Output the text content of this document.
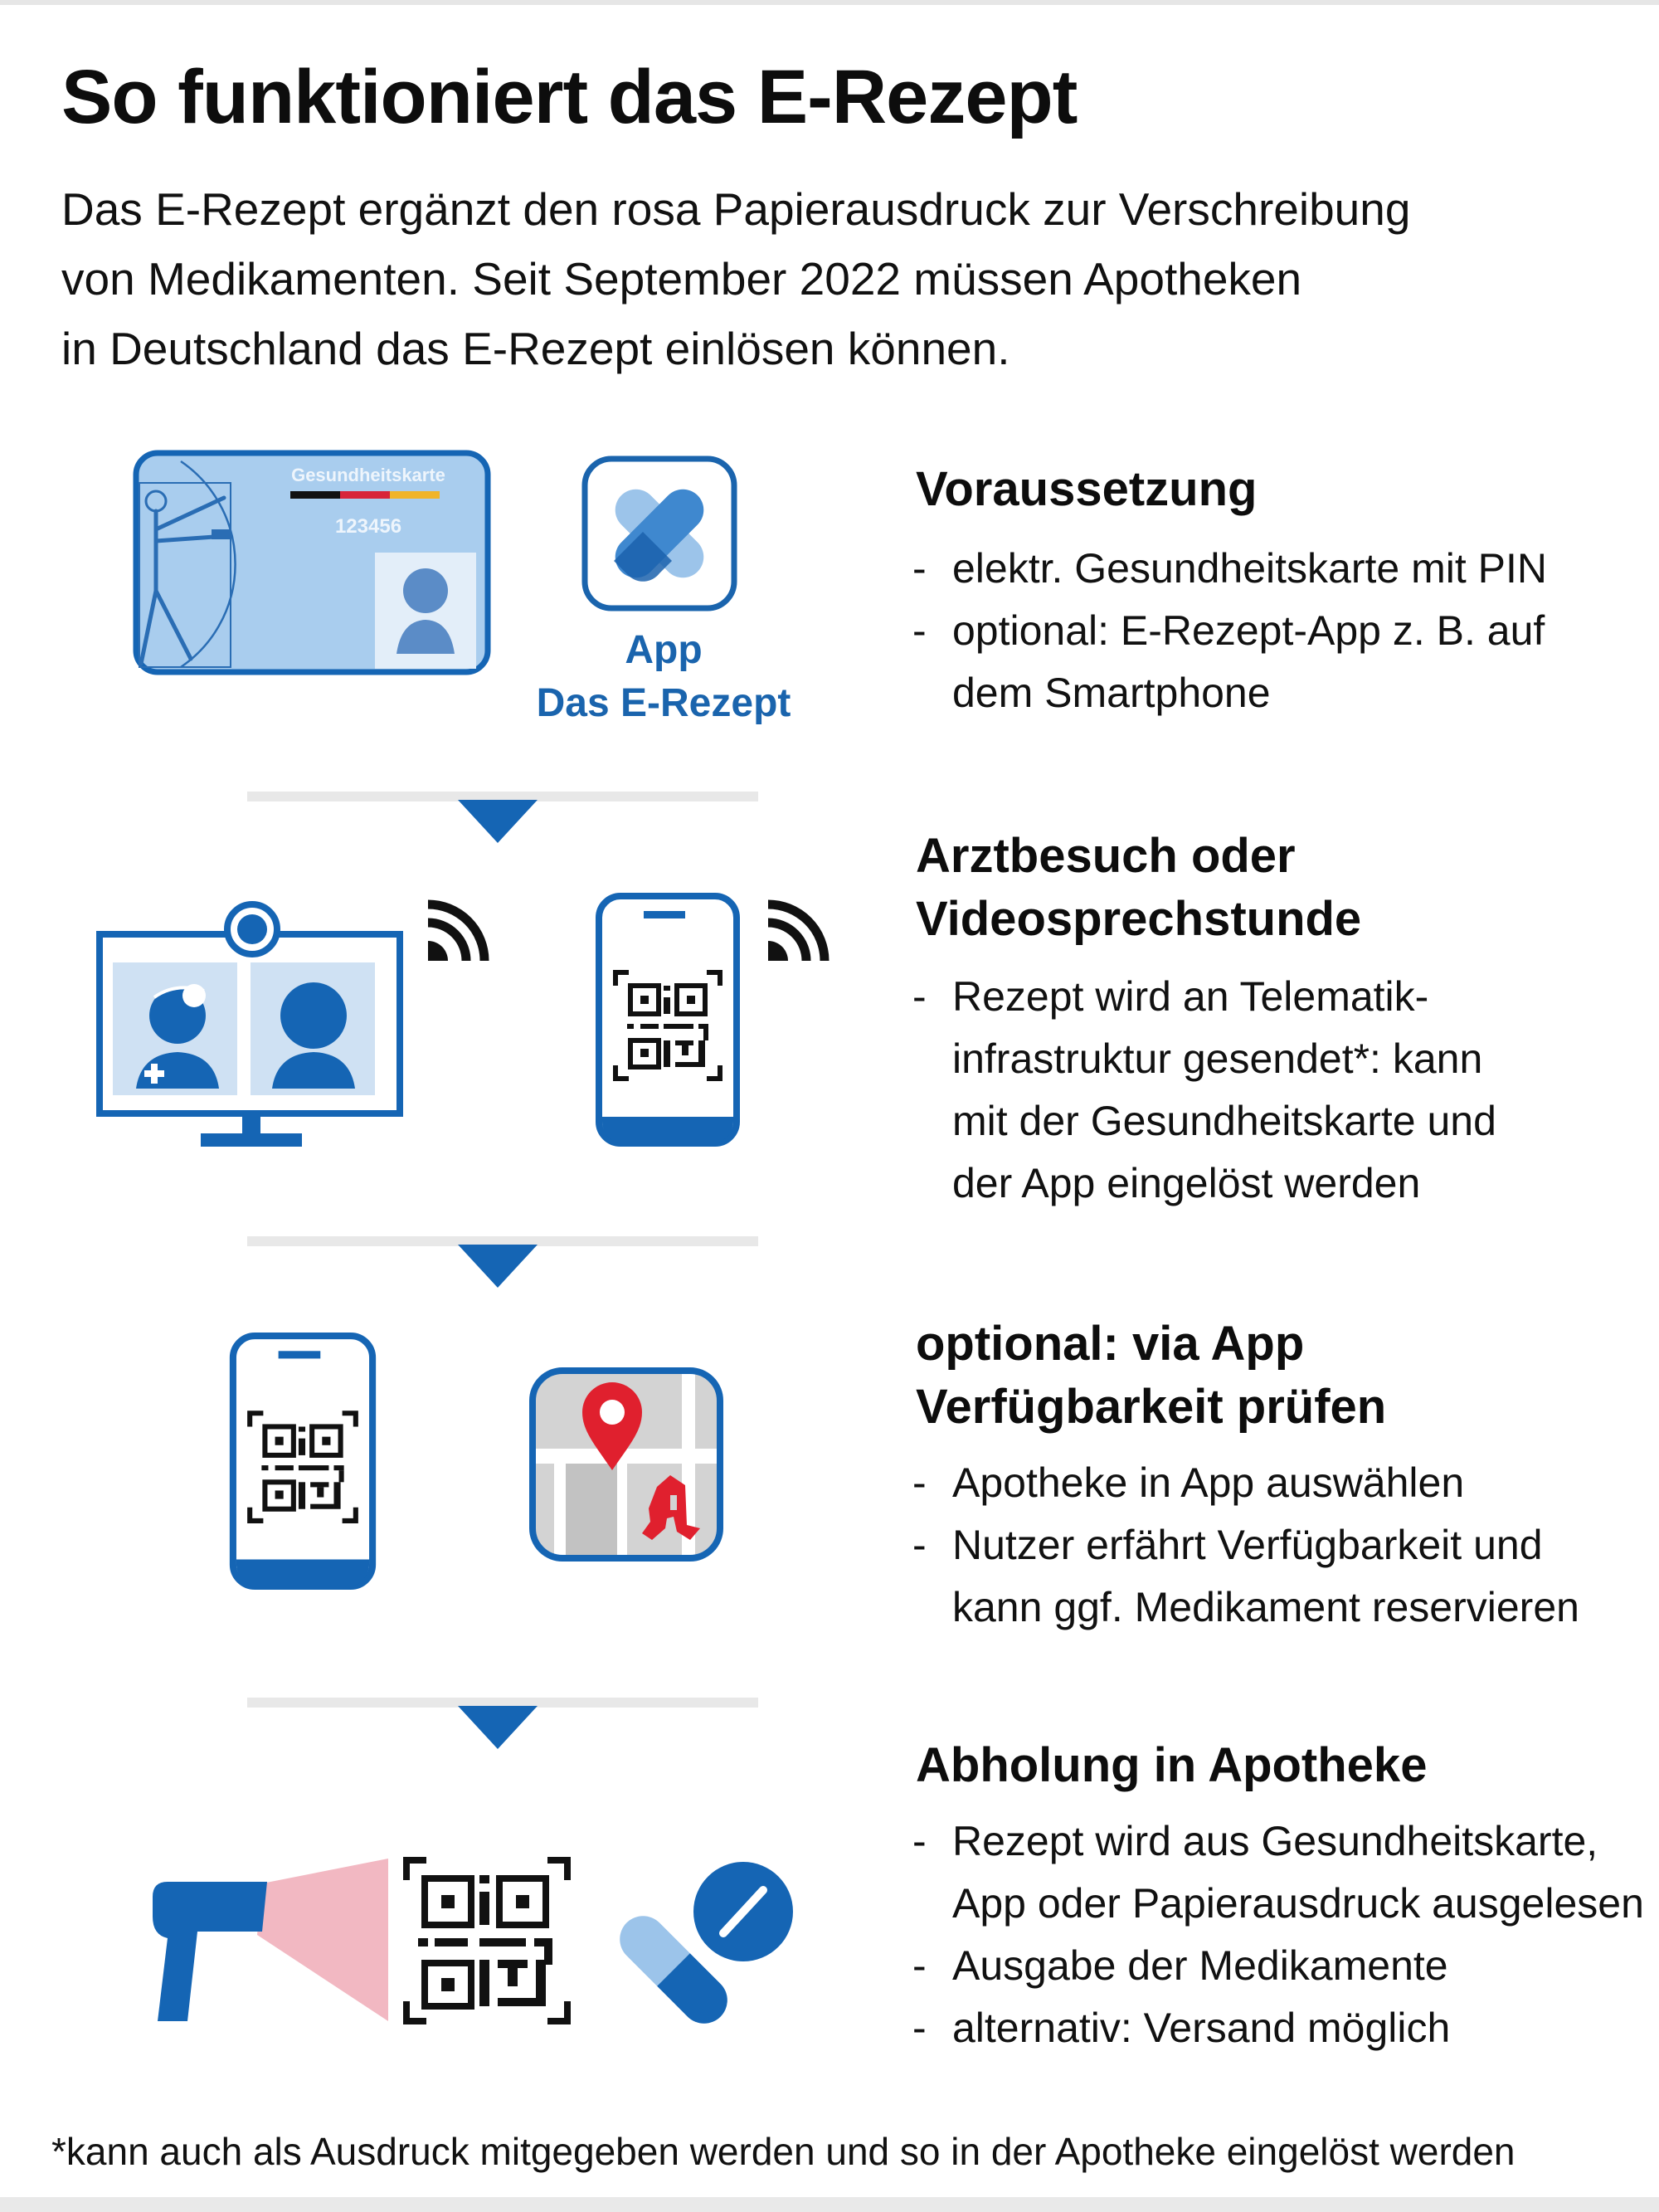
So funktioniert das E-Rezept
Das E-Rezept ergänzt den rosa Papierausdruck zur Verschreibung
von Medikamenten. Seit September 2022 müssen Apotheken
in Deutschland das E-Rezept einlösen können.
Gesundheitskarte
123456
App
Das E-Rezept
Voraussetzung
- elektr. Gesundheitskarte mit PIN
- optional: E-Rezept-App z. B. auf
dem Smartphone
Arztbesuch oder
Videosprechstunde
- Rezept wird an Telematik-
infrastruktur gesendet*: kann
mit der Gesundheitskarte und
der App eingelöst werden
optional: via App
Verfügbarkeit prüfen
- Apotheke in App auswählen
- Nutzer erfährt Verfügbarkeit und
kann ggf. Medikament reservieren
Abholung in Apotheke
- Rezept wird aus Gesundheitskarte,
App oder Papierausdruck ausgelesen
- Ausgabe der Medikamente
- alternativ: Versand möglich
*kann auch als Ausdruck mitgegeben werden und so in der Apotheke eingelöst werden
